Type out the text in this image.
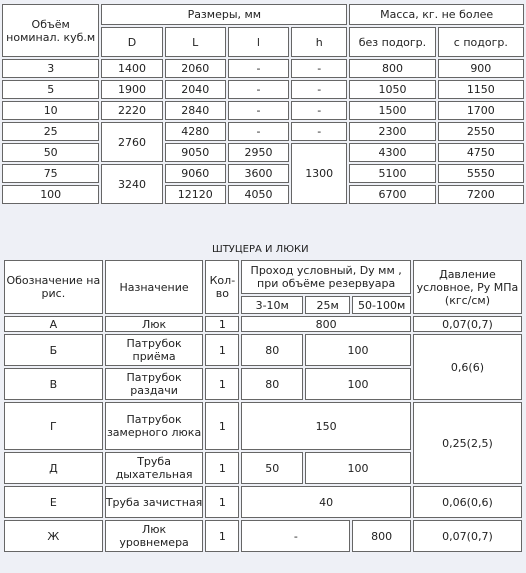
Объём номинал. куб.м	Размеры, мм				Масса, кг. не более	
	D	L	l	h	без подогр.	с подогр.
3	1400	2060	-	-	800	900
5	1900	2040	-	-	1050	1150
10	2220	2840	-	-	1500	1700
25	2760	4280	-	-	2300	2550
50		9050	2950	1300	4300	4750
75	3240	9060	3600		5100	5550
100		12120	4050		6700	7200
ШТУЦЕРА И ЛЮКИ
Обозначение на рис.	Назначение	Кол-во	Проход условный, Dy мм , при объёме резервуара			Давление условное, Ру МПа (кгс/см)
			3-10м	25м	50-100м	
А	Люк	1	800			0,07(0,7)
Б	Патрубок приёма	1	80	100		0,6(6)
В	Патрубок раздачи	1	80	100		
Г	Патрубок замерного люка	1	150			0,25(2,5)
Д	Труба дыхательная	1	50	100		
Е	Труба зачистная	1	40			0,06(0,6)
Ж	Люк уровнемера	1	-		800	0,07(0,7)
